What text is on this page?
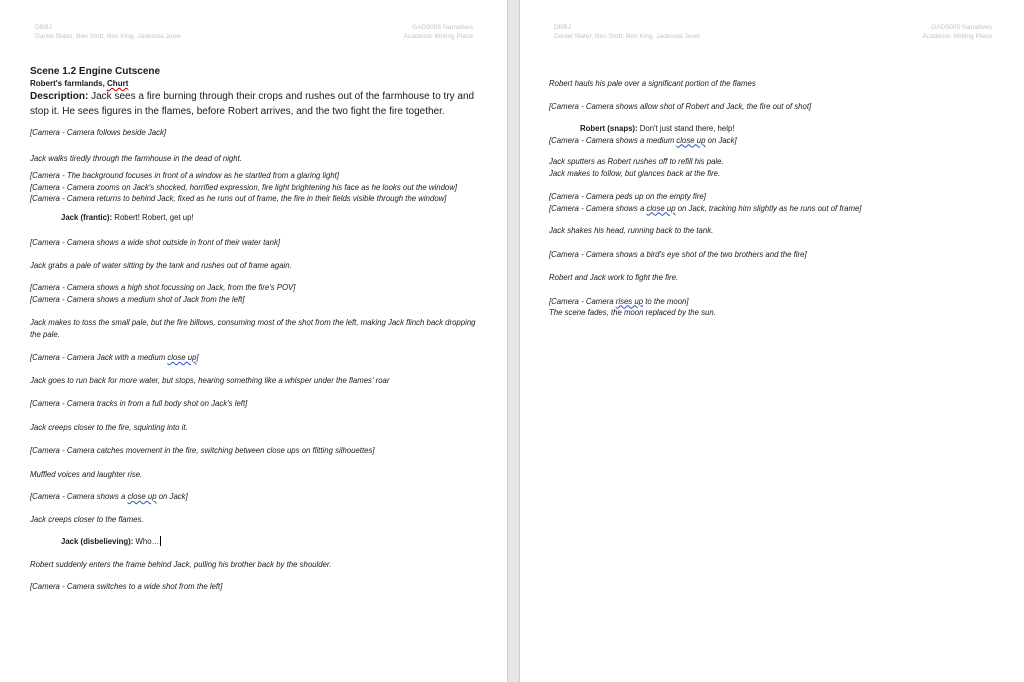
DBBJ
Daniel Slater, Ben Stott, Ben King, Jadesola Juwe
GAD5005 Narratives
Academic Writing Piece

Scene 1.2 Engine Cutscene

Robert's farmlands, Churt

Description: Jack sees a fire burning through their crops and rushes out of the farmhouse to try and stop it. He sees figures in the flames, before Robert arrives, and the two fight the fire together.

[Camera - Camera follows beside Jack]

Jack walks tiredly through the farmhouse in the dead of night.

[Camera - The background focuses in front of a window as he startled from a glaring light]

[Camera - Camera zooms on Jack's shocked, horrified expression, fire light brightening his face as he looks out the window]

[Camera - Camera returns to behind Jack, fixed as he runs out of frame, the fire in their fields visible through the window]

Jack (frantic): Robert! Robert, get up!

[Camera - Camera shows a wide shot outside in front of their water tank]

Jack grabs a pale of water sitting by the tank and rushes out of frame again.

[Camera - Camera shows a high shot focussing on Jack, from the fire's POV]

[Camera - Camera shows a medium shot of Jack from the left]

Jack makes to toss the small pale, but the fire billows, consuming most of the shot from the left, making Jack flinch back dropping the pale.

[Camera - Camera Jack with a medium close up]

Jack goes to run back for more water, but stops, hearing something like a whisper under the flames' roar

[Camera - Camera tracks in from a full body shot on Jack's left]

Jack creeps closer to the fire, squinting into it.

[Camera - Camera catches movement in the fire, switching between close ups on flitting silhouettes]

Muffled voices and laughter rise.

[Camera - Camera shows a close up on Jack]

Jack creeps closer to the flames.

Jack (disbelieving): Who…

Robert suddenly enters the frame behind Jack, pulling his brother back by the shoulder.

[Camera - Camera switches to a wide shot from the left]

DBBJ
Daniel Slater, Ben Stott, Ben King, Jadesola Juwe
GAD5005 Narratives
Academic Writing Piece

Robert hauls his pale over a significant portion of the flames

[Camera - Camera shows allow shot of Robert and Jack, the fire out of shot]

Robert (snaps): Don't just stand there, help!

[Camera - Camera shows a medium close up on Jack]

Jack sputters as Robert rushes off to refill his pale.

Jack makes to follow, but glances back at the fire.

[Camera - Camera peds up on the empty fire]

[Camera - Camera shows a close up on Jack, tracking him slightly as he runs out of frame]

Jack shakes his head, running back to the tank.

[Camera - Camera shows a bird's eye shot of the two brothers and the fire]

Robert and Jack work to fight the fire.

[Camera - Camera rises up to the moon]

The scene fades, the moon replaced by the sun.
